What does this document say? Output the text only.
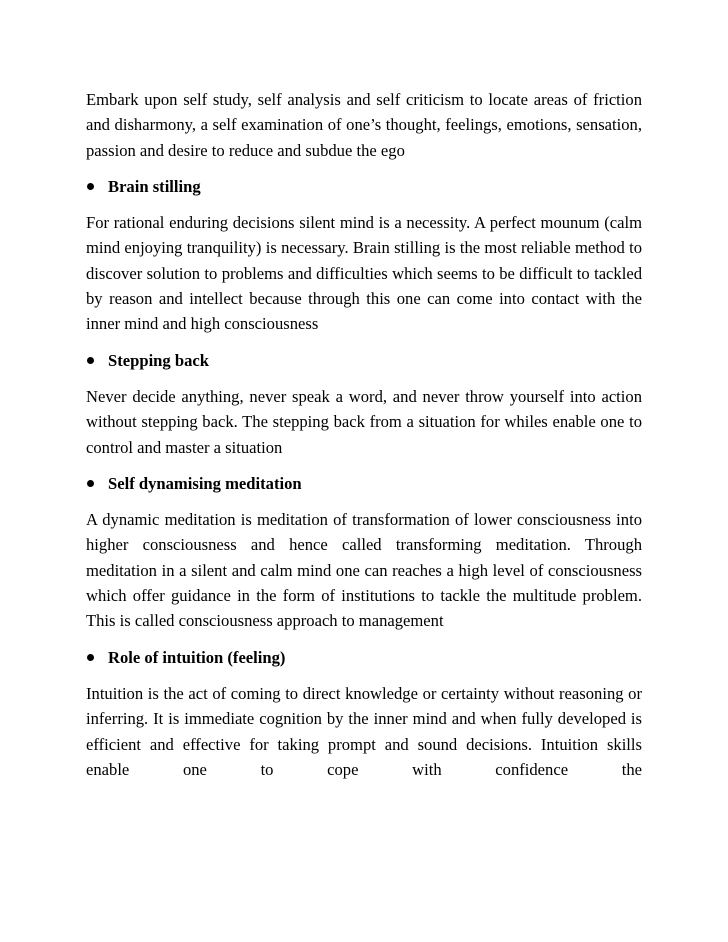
Embark upon self study, self analysis and self criticism to locate areas of friction and disharmony, a self examination of one’s thought, feelings, emotions, sensation, passion and desire to reduce and subdue the ego

Brain stilling

For rational enduring decisions silent mind is a necessity. A perfect mounum (calm mind enjoying tranquility) is necessary. Brain stilling is the most reliable method to discover solution to problems and difficulties which seems to be difficult to tackled by reason and intellect because through this one can come into contact with the inner mind and high consciousness

Stepping back

Never decide anything, never speak a word, and never throw yourself into action without stepping back. The stepping back from a situation for whiles enable one to control and master a situation

Self dynamising meditation

A dynamic meditation is meditation of transformation of lower consciousness into higher consciousness and hence called transforming meditation. Through meditation in a silent and calm mind one can reaches a high level of consciousness which offer guidance in the form of institutions to tackle the multitude problem. This is called consciousness approach to management

Role of intuition (feeling)

Intuition is the act of coming to direct knowledge or certainty without reasoning or inferring. It is immediate cognition by the inner mind and when fully developed is efficient and effective for taking prompt and sound decisions. Intuition skills enable one to cope with confidence the
